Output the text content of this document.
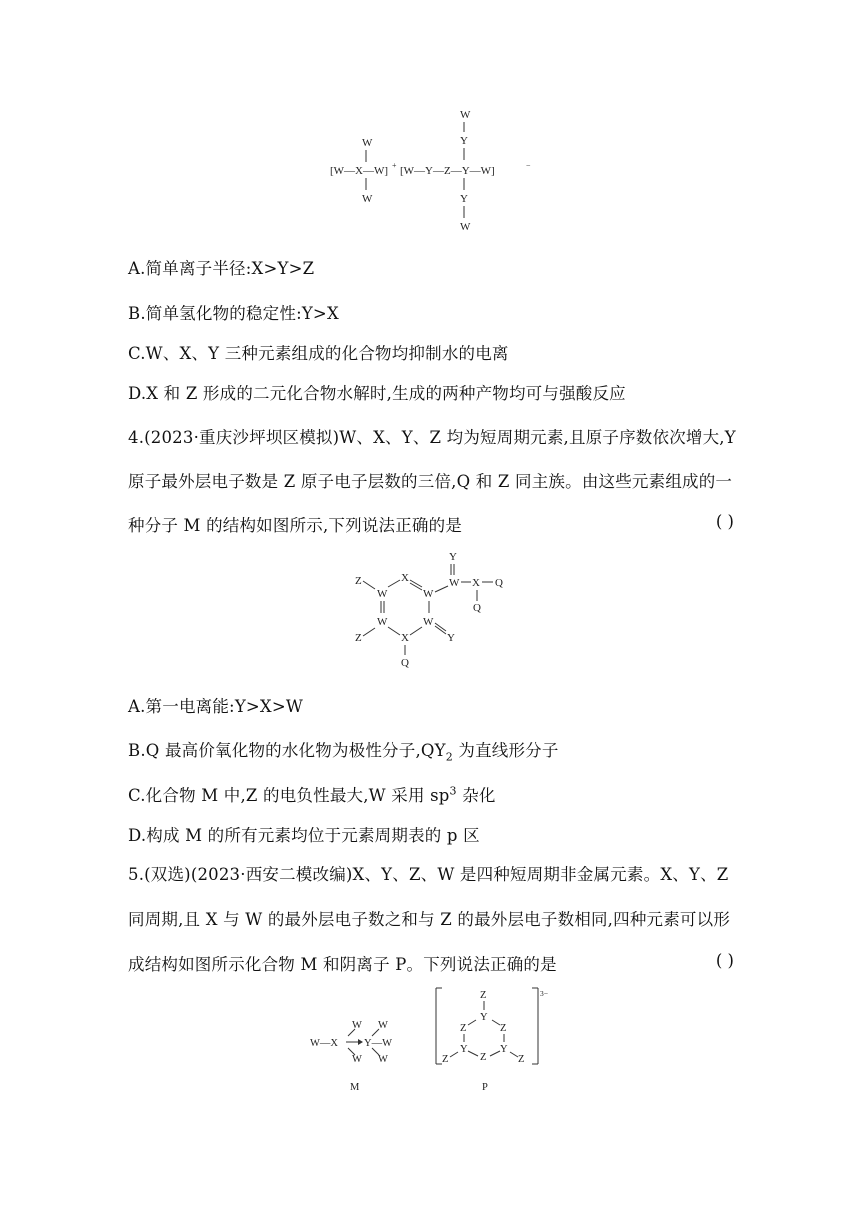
W
[W—X—W] +
W
W
Y
[W—Y—Z—Y—W]	−
Y
W
A.简单离子半径:X>Y>Z
B.简单氢化物的稳定性:Y>X
C.W、X、Y 三种元素组成的化合物均抑制水的电离
D.X 和 Z 形成的二元化合物水解时,生成的两种产物均可与强酸反应
4.(2023·重庆沙坪坝区模拟)W、X、Y、Z 均为短周期元素,且原子序数依次增大,Y
原子最外层电子数是 Z 原子电子层数的三倍,Q 和 Z 同主族。由这些元素组成的一
种分子 M 的结构如图所示,下列说法正确的是	( )
Y
Z	X
W	W
W X Q
Q
W	W
Z	X	Y
Q
A.第一电离能:Y>X>W
B.Q 最高价氧化物的水化物为极性分子$,QY_2$ 为直线形分子
C.化合物 M 中,Z 的电负性最大,W 采用 $sp^3$ 杂化
D.构成 M 的所有元素均位于元素周期表的 p 区
5.(双选)(2023·西安二模改编)X、Y、Z、W 是四种短周期非金属元素。X、Y、Z
同周期,且 X 与 W 的最外层电子数之和与 Z 的最外层电子数相同,四种元素可以形
成结构如图所示化合物 M 和阴离子 P。下列说法正确的是	( )
W W
W—X Y—W
W W
M
3−
Z
Y
Z	Z
Y	Y
Z
Z	Z
P
